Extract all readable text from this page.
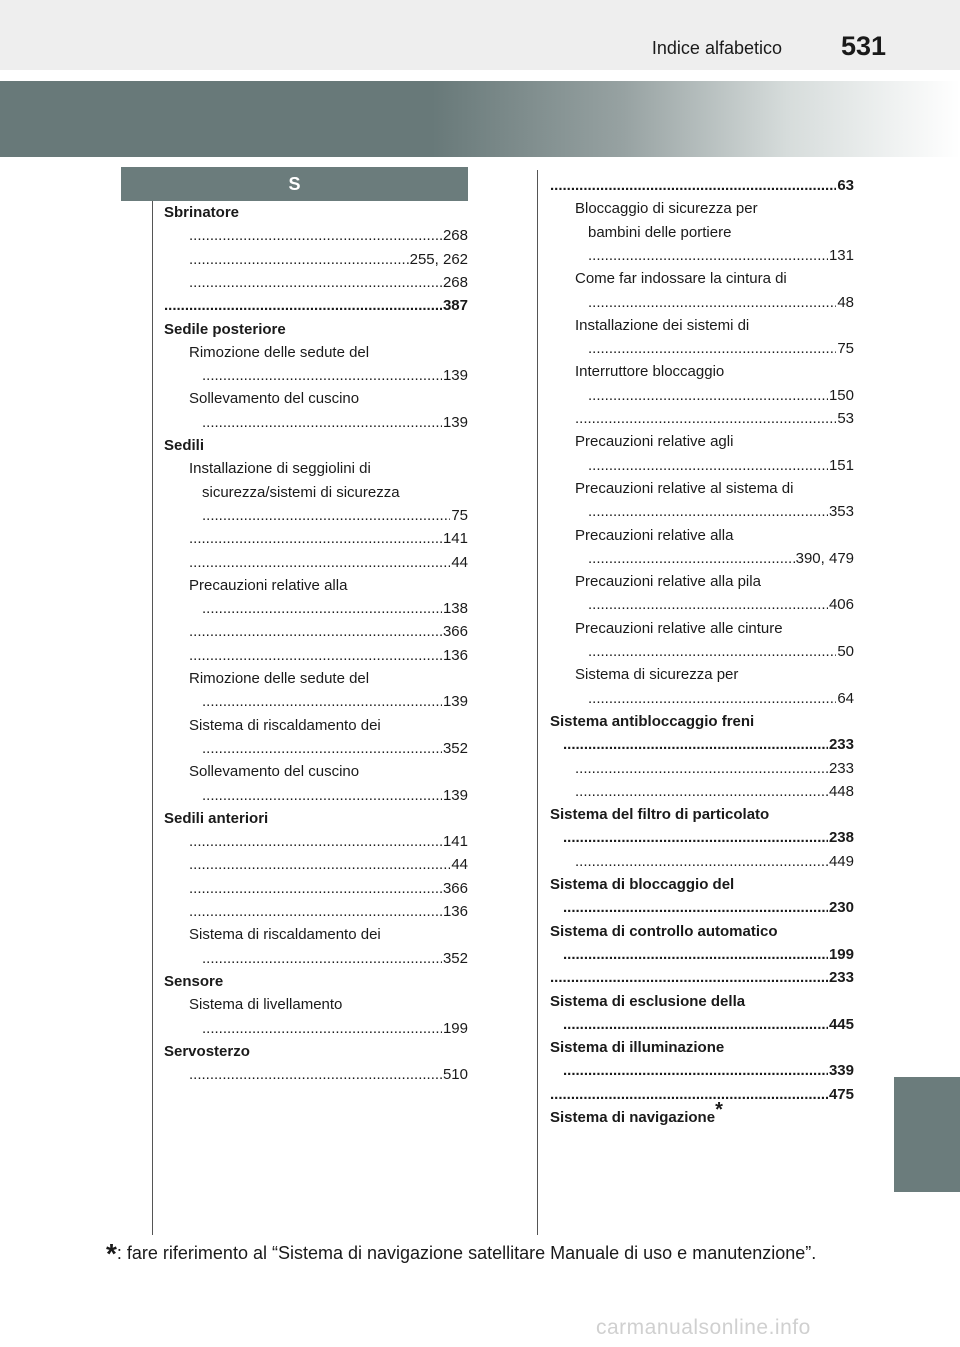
Indice alfabetico 531
S
Sbrinatore
..... 268
..... 255, 262
..... 268
..... 387
Sedile posteriore
Rimozione delle sedute del
..... 139
Sollevamento del cuscino
..... 139
Sedili
Installazione di seggiolini di
sicurezza/sistemi di sicurezza
..... 75
..... 141
..... 44
Precauzioni relative alla
..... 138
..... 366
..... 136
Rimozione delle sedute del
..... 139
Sistema di riscaldamento dei
..... 352
Sollevamento del cuscino
..... 139
Sedili anteriori
..... 141
..... 44
..... 366
..... 136
Sistema di riscaldamento dei
..... 352
Sensore
Sistema di livellamento
..... 199
Servosterzo
..... 510
..... 63
Bloccaggio di sicurezza per
bambini delle portiere
..... 131
Come far indossare la cintura di
..... 48
Installazione dei sistemi di
..... 75
Interruttore bloccaggio
..... 150
..... 53
Precauzioni relative agli
..... 151
Precauzioni relative al sistema di
..... 353
Precauzioni relative alla
..... 390, 479
Precauzioni relative alla pila
..... 406
Precauzioni relative alle cinture
..... 50
Sistema di sicurezza per
..... 64
Sistema antibloccaggio freni
..... 233
..... 233
..... 448
Sistema del filtro di particolato
..... 238
..... 449
Sistema di bloccaggio del
..... 230
Sistema di controllo automatico
..... 199
..... 233
Sistema di esclusione della
..... 445
Sistema di illuminazione
..... 339
..... 475
Sistema di navigazione*
*: fare riferimento al “Sistema di navigazione satellitare Manuale di uso e manutenzione”.
carmanualsonline.info
